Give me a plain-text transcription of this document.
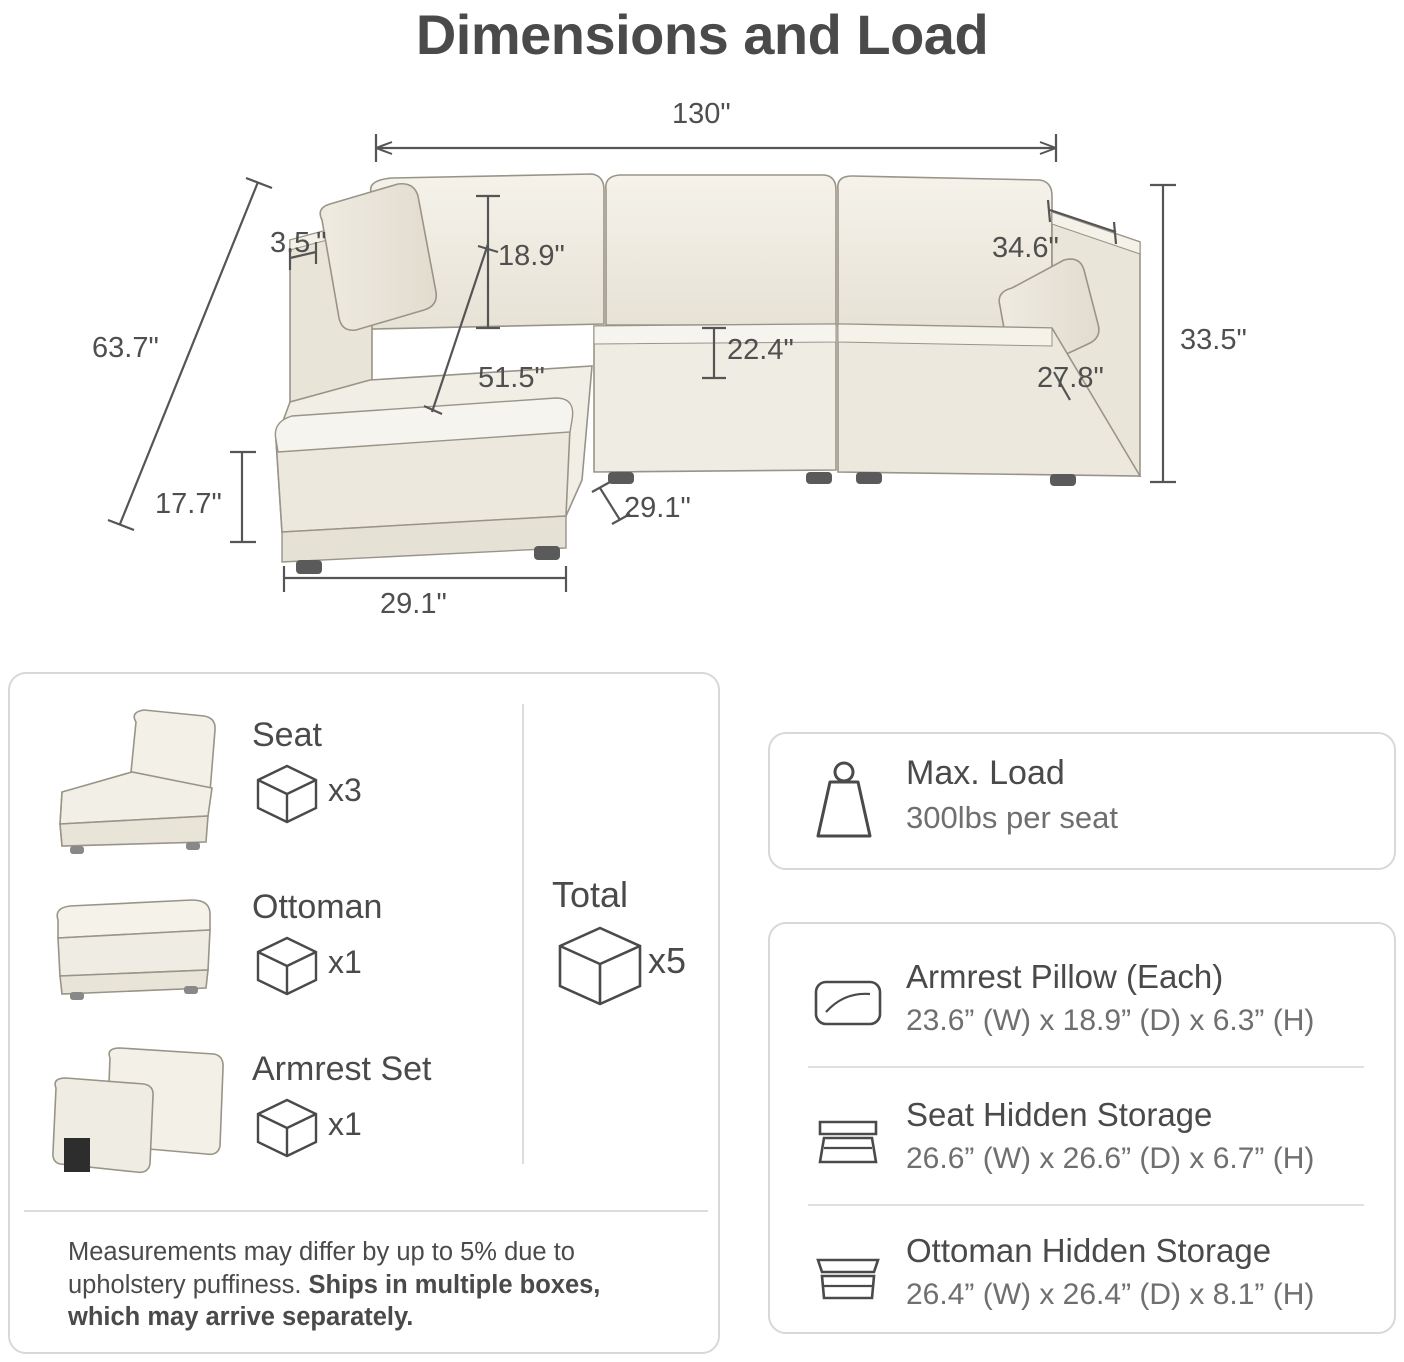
Dimensions and Load
130"
3.5 "	18.9"
63.7"
51.5"
22.4"
34.6"
33.5"
27.8"
17.7"	29.1"
29.1"
Seat
x3
Ottoman
x1
Armrest Set
x1
Total
x5
Measurements may differ by up to 5% due to upholstery puffiness. Ships in multiple boxes, which may arrive separately.
Max. Load
300lbs per seat
Armrest Pillow (Each)
23.6” (W) x 18.9” (D) x 6.3” (H)
Seat Hidden Storage
26.6” (W) x 26.6” (D) x 6.7” (H)
Ottoman Hidden Storage
26.4” (W) x 26.4” (D) x 8.1” (H)
